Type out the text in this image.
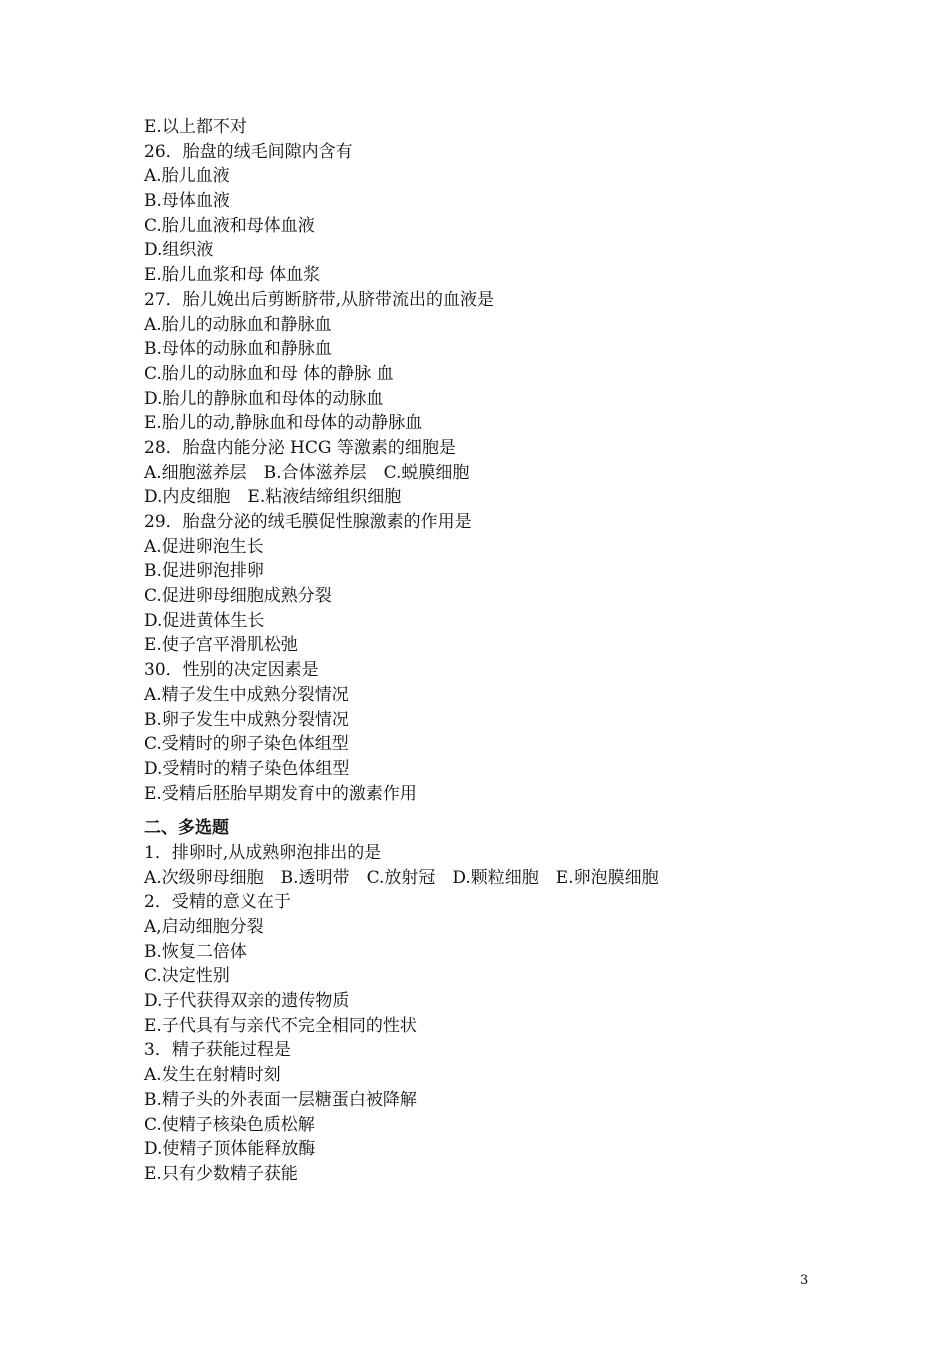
E.以上都不对
26．胎盘的绒毛间隙内含有
A.胎儿血液
B.母体血液
C.胎儿血液和母体血液
D.组织液
E.胎儿血浆和母 体血浆
27．胎儿娩出后剪断脐带,从脐带流出的血液是
A.胎儿的动脉血和静脉血
B.母体的动脉血和静脉血
C.胎儿的动脉血和母 体的静脉 血
D.胎儿的静脉血和母体的动脉血
E.胎儿的动,静脉血和母体的动静脉血
28．胎盘内能分泌 HCG 等激素的细胞是
A.细胞滋养层　B.合体滋养层　C.蜕膜细胞
D.内皮细胞　E.粘液结缔组织细胞
29．胎盘分泌的绒毛膜促性腺激素的作用是
A.促进卵泡生长
B.促进卵泡排卵
C.促进卵母细胞成熟分裂
D.促进黄体生长
E.使子宫平滑肌松弛
30．性别的决定因素是
A.精子发生中成熟分裂情况
B.卵子发生中成熟分裂情况
C.受精时的卵子染色体组型
D.受精时的精子染色体组型
E.受精后胚胎早期发育中的激素作用
二、多选题
1．排卵时,从成熟卵泡排出的是
A.次级卵母细胞　B.透明带　C.放射冠　D.颗粒细胞　E.卵泡膜细胞
2．受精的意义在于
A,启动细胞分裂
B.恢复二倍体
C.决定性别
D.子代获得双亲的遗传物质
E.子代具有与亲代不完全相同的性状
3．精子获能过程是
A.发生在射精时刻
B.精子头的外表面一层糖蛋白被降解
C.使精子核染色质松解
D.使精子顶体能释放酶
E.只有少数精子获能
3
